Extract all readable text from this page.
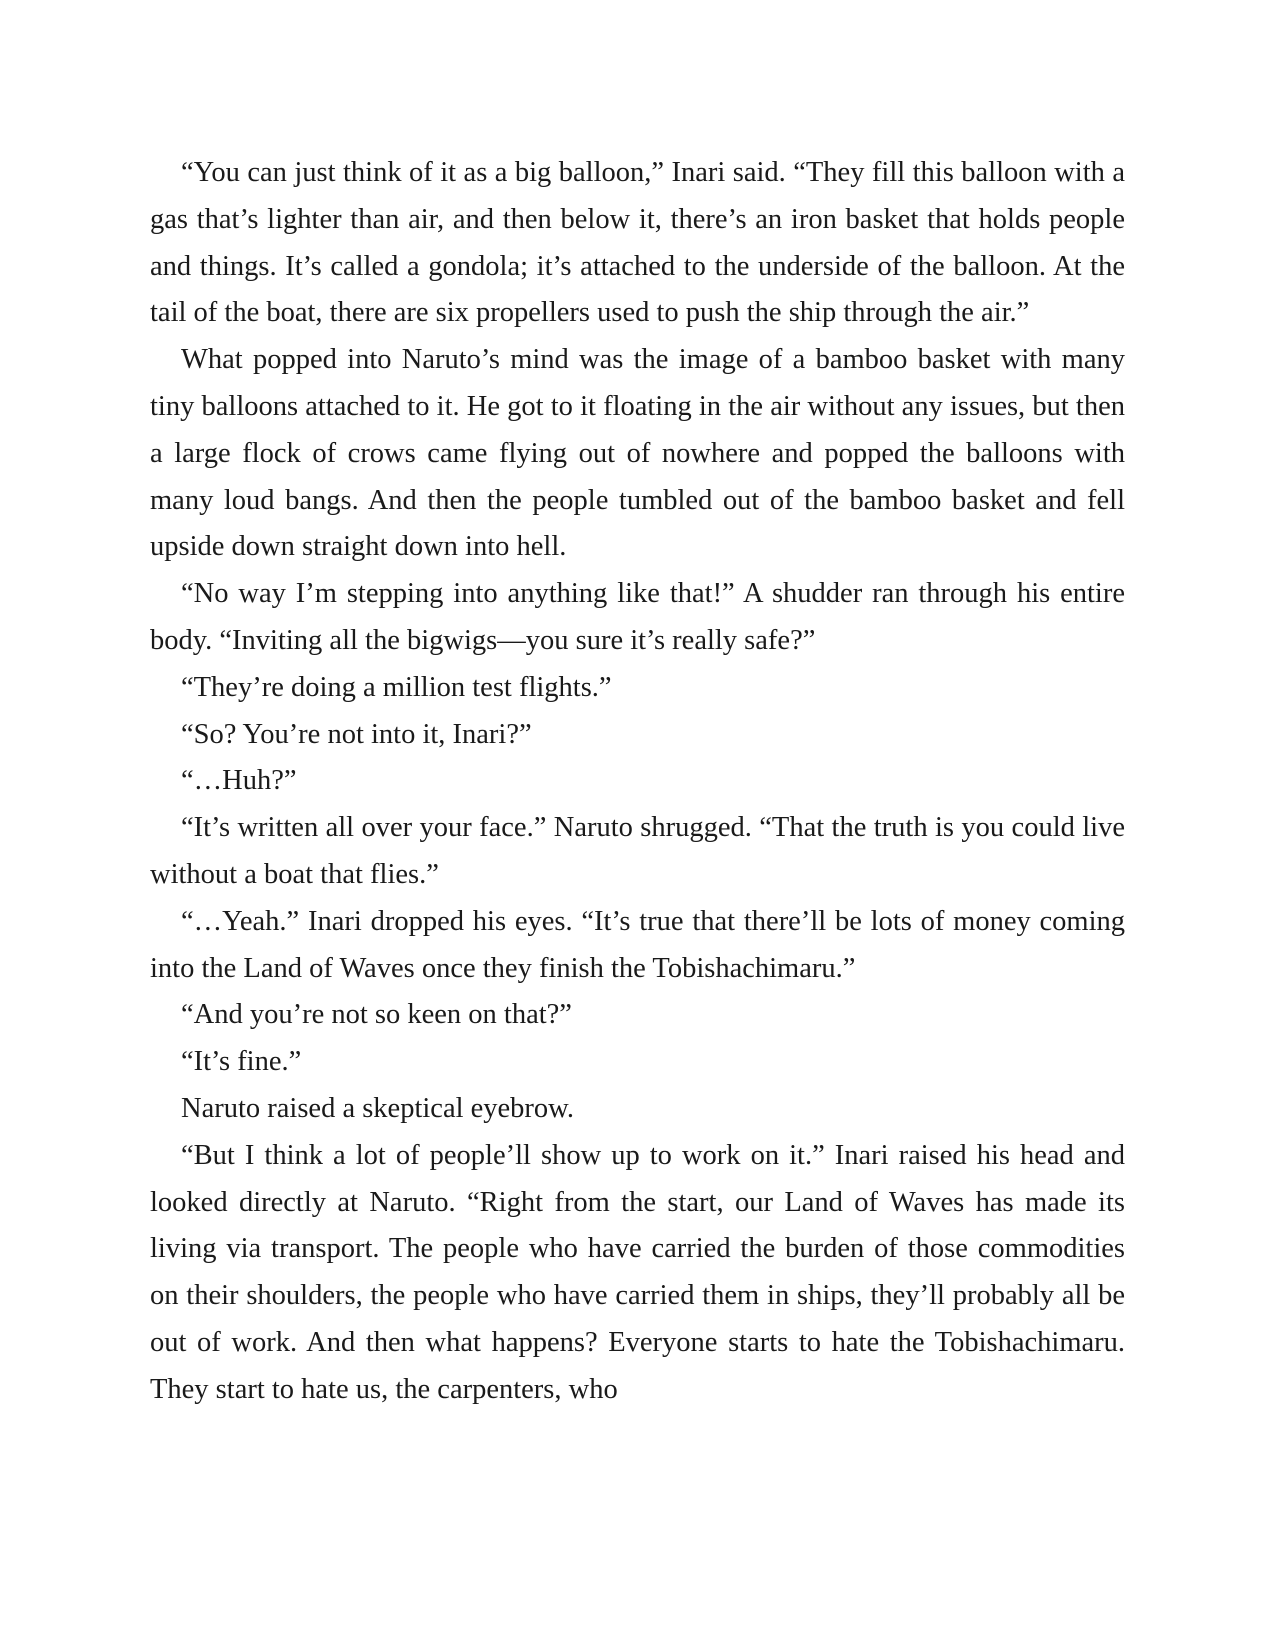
“You can just think of it as a big balloon,” Inari said. “They fill this balloon with a gas that’s lighter than air, and then below it, there’s an iron basket that holds people and things. It’s called a gondola; it’s attached to the underside of the balloon. At the tail of the boat, there are six propellers used to push the ship through the air.”

What popped into Naruto’s mind was the image of a bamboo basket with many tiny balloons attached to it. He got to it floating in the air without any issues, but then a large flock of crows came flying out of nowhere and popped the balloons with many loud bangs. And then the people tumbled out of the bamboo basket and fell upside down straight down into hell.

“No way I’m stepping into anything like that!” A shudder ran through his entire body. “Inviting all the bigwigs—you sure it’s really safe?”

“They’re doing a million test flights.”

“So? You’re not into it, Inari?”

“…Huh?”

“It’s written all over your face.” Naruto shrugged. “That the truth is you could live without a boat that flies.”

“…Yeah.” Inari dropped his eyes. “It’s true that there’ll be lots of money coming into the Land of Waves once they finish the Tobishachimaru.”

“And you’re not so keen on that?”

“It’s fine.”

Naruto raised a skeptical eyebrow.

“But I think a lot of people’ll show up to work on it.” Inari raised his head and looked directly at Naruto. “Right from the start, our Land of Waves has made its living via transport. The people who have carried the burden of those commodities on their shoulders, the people who have carried them in ships, they’ll probably all be out of work. And then what happens? Everyone starts to hate the Tobishachimaru. They start to hate us, the carpenters, who
